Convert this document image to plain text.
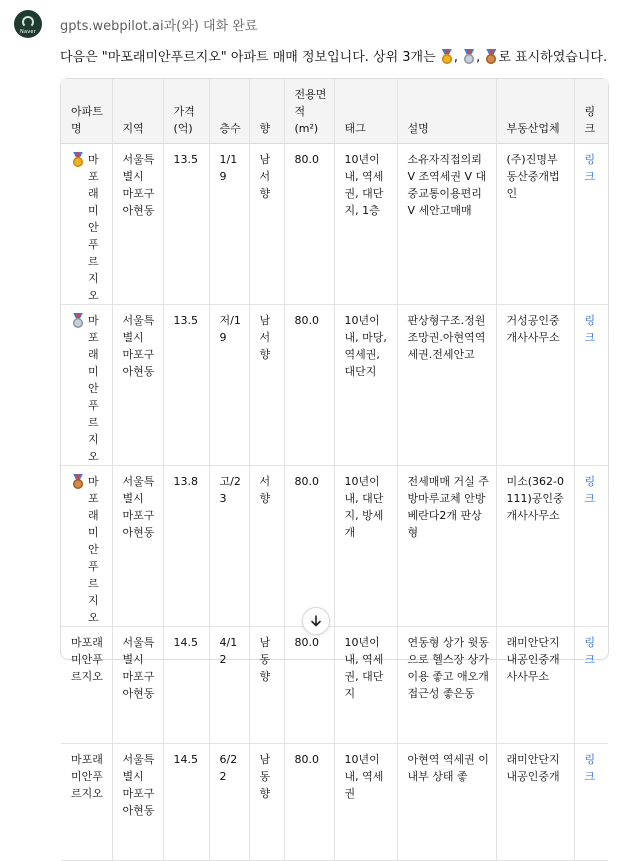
Naver gpts.webpilot.ai과(와) 대화 완료
다음은 "마포래미안푸르지오" 아파트 매매 정보입니다. 상위 3개는
,
,
로 표시하였습니다.
아파트명	지역	가격(억)	층수	향	전용면적(m²)	태그	설명	부동산업체	링크

마포래미안푸르지오	서울특별시 마포구 아현동	13.5	1/19	남서향	80.0	10년이내, 역세권, 대단지, 1층	소유자직접의뢰 V 조역세권 V 대중교통이용편리 V 세안고매매	(주)진명부동산중개법인	링크

마포래미안푸르지오	서울특별시 마포구 아현동	13.5	저/19	남서향	80.0	10년이내, 마당, 역세권, 대단지	판상형구조.정원조망권.아현역역세권.전세안고	거성공인중개사사무소	링크

마포래미안푸르지오	서울특별시 마포구 아현동	13.8	고/23	서향	80.0	10년이내, 대단지, 방세개	전세매매 거실 주방마루교체 안방베란다2개 판상형	미소(362-0111)공인중개사사무소	링크

마포래미안푸르지오	서울특별시 마포구 아현동	14.5	4/12	남동향	80.0	10년이내, 역세권, 대단지	연동형 상가 윗동으로 헬스장 상가 이용 좋고 애오개 접근성 좋은동	래미안단지내공인중개사사무소	링크

마포래미안푸르지오	서울특별시 마포구 아현동	14.5	6/22	남동향	80.0	10년이내, 역세권	아현역 역세권 이내부 상태 좋	래미안단지내공인중개	링크
